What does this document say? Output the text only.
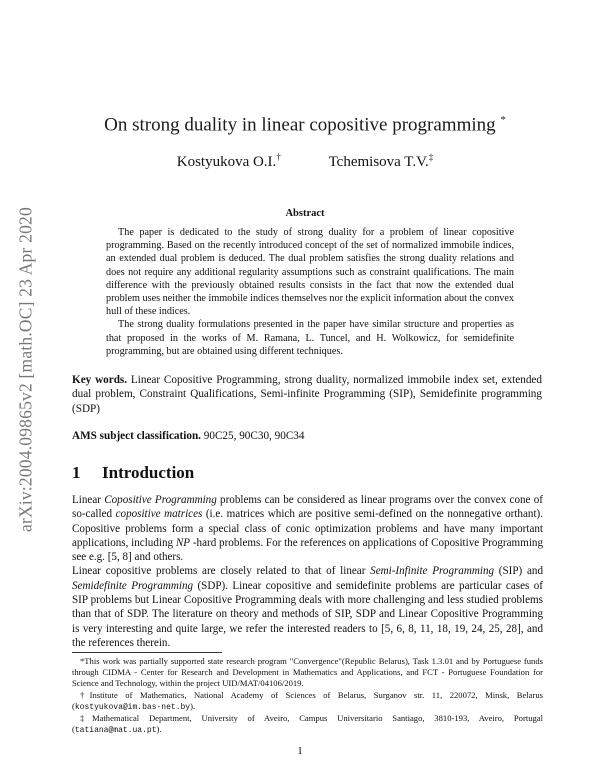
arXiv:2004.09865v2 [math.OC] 23 Apr 2020
On strong duality in linear copositive programming *
Kostyukova O.I.†	Tchemisova T.V.‡
Abstract

The paper is dedicated to the study of strong duality for a problem of linear copositive programming. Based on the recently introduced concept of the set of normalized immobile indices, an extended dual problem is deduced. The dual problem satisfies the strong duality relations and does not require any additional regularity assumptions such as constraint qualifications. The main difference with the previously obtained results consists in the fact that now the extended dual problem uses neither the immobile indices themselves nor the explicit information about the convex hull of these indices.

The strong duality formulations presented in the paper have similar structure and properties as that proposed in the works of M. Ramana, L. Tuncel, and H. Wolkowicz, for semidefinite programming, but are obtained using different techniques.

Key words. Linear Copositive Programming, strong duality, normalized immobile index set, extended dual problem, Constraint Qualifications, Semi-infinite Programming (SIP), Semidefinite programming (SDP)
AMS subject classification. 90C25, 90C30, 90C34
1 Introduction

Linear Copositive Programming problems can be considered as linear programs over the convex cone of so-called copositive matrices (i.e. matrices which are positive semi-defined on the nonnegative orthant). Copositive problems form a special class of conic optimization problems and have many important applications, including NP -hard problems. For the references on applications of Copositive Programming see e.g. [5, 8] and others.

Linear copositive problems are closely related to that of linear Semi-Infinite Programming (SIP) and Semidefinite Programming (SDP). Linear copositive and semidefinite problems are particular cases of SIP problems but Linear Copositive Programming deals with more challenging and less studied problems than that of SDP. The literature on theory and methods of SIP, SDP and Linear Copositive Programming is very interesting and quite large, we refer the interested readers to [5, 6, 8, 11, 18, 19, 24, 25, 28], and the references therein.

*This work was partially supported state research program "Convergence"(Republic Belarus), Task 1.3.01 and by Portuguese funds through CIDMA - Center for Research and Development in Mathematics and Applications, and FCT - Portuguese Foundation for Science and Technology, within the project UID/MAT/04106/2019.

†Institute of Mathematics, National Academy of Sciences of Belarus, Surganov str. 11, 220072, Minsk, Belarus (kostyukova@im.bas-net.by).

‡Mathematical Department, University of Aveiro, Campus Universitario Santiago, 3810-193, Aveiro, Portugal (tatiana@mat.ua.pt).

1
